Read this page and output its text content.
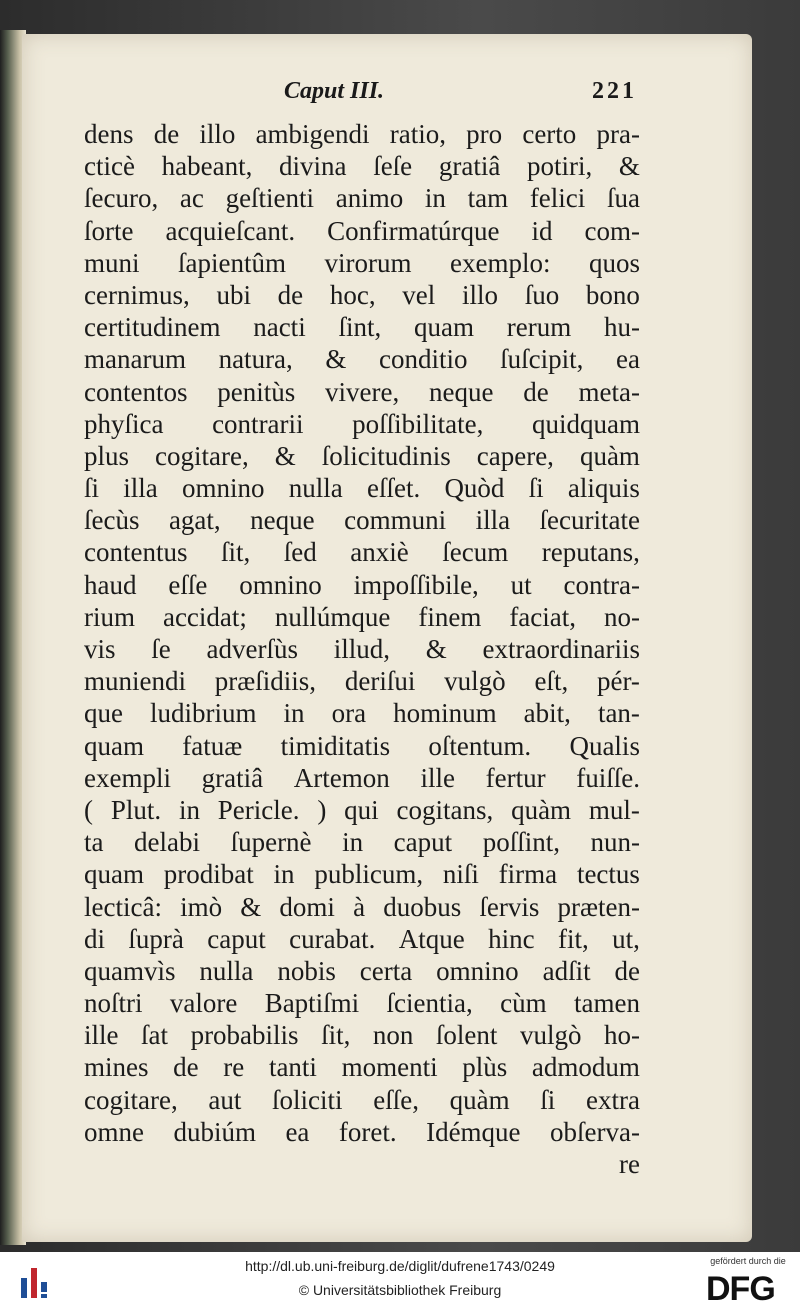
Caput III.	221
dens de illo ambigendi ratio, pro certo pra-
cticè habeant, divina ſeſe gratiâ potiri, &
ſecuro, ac geſtienti animo in tam felici ſua
ſorte acquieſcant. Confirmatúrque id com-
muni ſapientûm virorum exemplo: quos
cernimus, ubi de hoc, vel illo ſuo bono
certitudinem nacti ſint, quam rerum hu-
manarum natura, & conditio ſuſcipit, ea
contentos penitùs vivere, neque de meta-
phyſica contrarii poſſibilitate, quidquam
plus cogitare, & ſolicitudinis capere, quàm
ſi illa omnino nulla eſſet. Quòd ſi aliquis
ſecùs agat, neque communi illa ſecuritate
contentus ſit, ſed anxiè ſecum reputans,
haud eſſe omnino impoſſibile, ut contra-
rium accidat; nullúmque finem faciat, no-
vis ſe adverſùs illud, & extraordinariis
muniendi præſidiis, deriſui vulgò eſt, pér-
que ludibrium in ora hominum abit, tan-
quam fatuæ timiditatis oſtentum. Qualis
exempli gratiâ Artemon ille fertur fuiſſe.
( Plut. in Pericle. ) qui cogitans, quàm mul-
ta delabi ſupernè in caput poſſint, nun-
quam prodibat in publicum, niſi firma tectus
lecticâ: imò & domi à duobus ſervis præten-
di ſuprà caput curabat. Atque hinc fit, ut,
quamvìs nulla nobis certa omnino adſit de
noſtri valore Baptiſmi ſcientia, cùm tamen
ille ſat probabilis ſit, non ſolent vulgò ho-
mines de re tanti momenti plùs admodum
cogitare, aut ſoliciti eſſe, quàm ſi extra
omne dubiúm ea foret. Idémque obſerva-
re
http://dl.ub.uni-freiburg.de/diglit/dufrene1743/0249
© Universitätsbibliothek Freiburg
gefördert durch die
DFG
